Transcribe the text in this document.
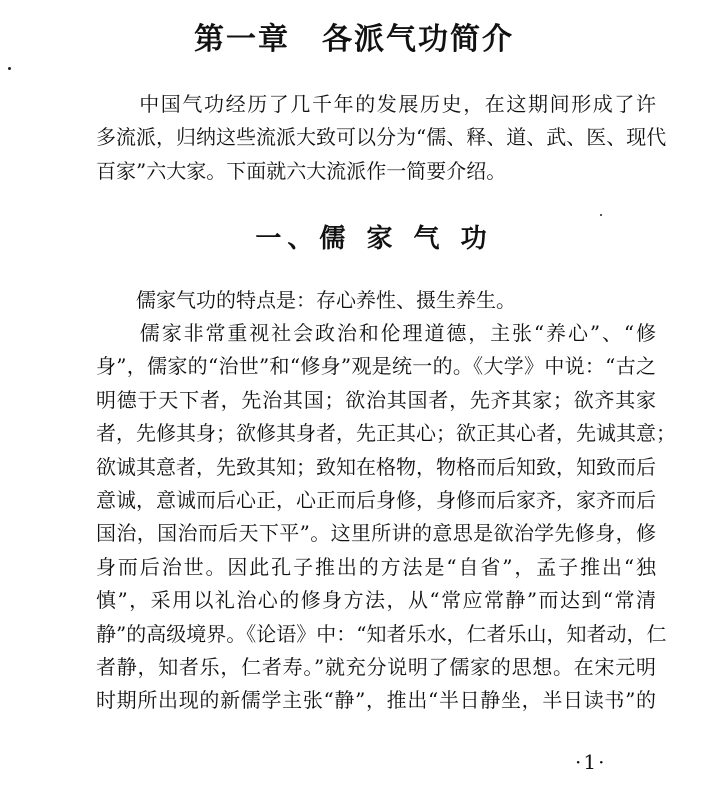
第一章　各派气功简介
　　中国气功经历了几千年的发展历史，在这期间形成了许
多流派，归纳这些流派大致可以分为“儒、释、道、武、医、现代
百家”六大家。下面就六大流派作一简要介绍。
一、儒 家 气 功
　　儒家气功的特点是：存心养性、摄生养生。
　　儒家非常重视社会政治和伦理道德，主张“养心”、“修
身”，儒家的“治世”和“修身”观是统一的。《大学》中说：“古之
明德于天下者，先治其国；欲治其国者，先齐其家；欲齐其家
者，先修其身；欲修其身者，先正其心；欲正其心者，先诚其意；
欲诚其意者，先致其知；致知在格物，物格而后知致，知致而后
意诚，意诚而后心正，心正而后身修，身修而后家齐，家齐而后
国治，国治而后天下平”。这里所讲的意思是欲治学先修身，修
身而后治世。因此孔子推出的方法是“自省”，孟子推出“独
慎”，采用以礼治心的修身方法，从“常应常静”而达到“常清
静”的高级境界。《论语》中：“知者乐水，仁者乐山，知者动，仁
者静，知者乐，仁者寿。”就充分说明了儒家的思想。在宋元明
时期所出现的新儒学主张“静”，推出“半日静坐，半日读书”的
·1·
